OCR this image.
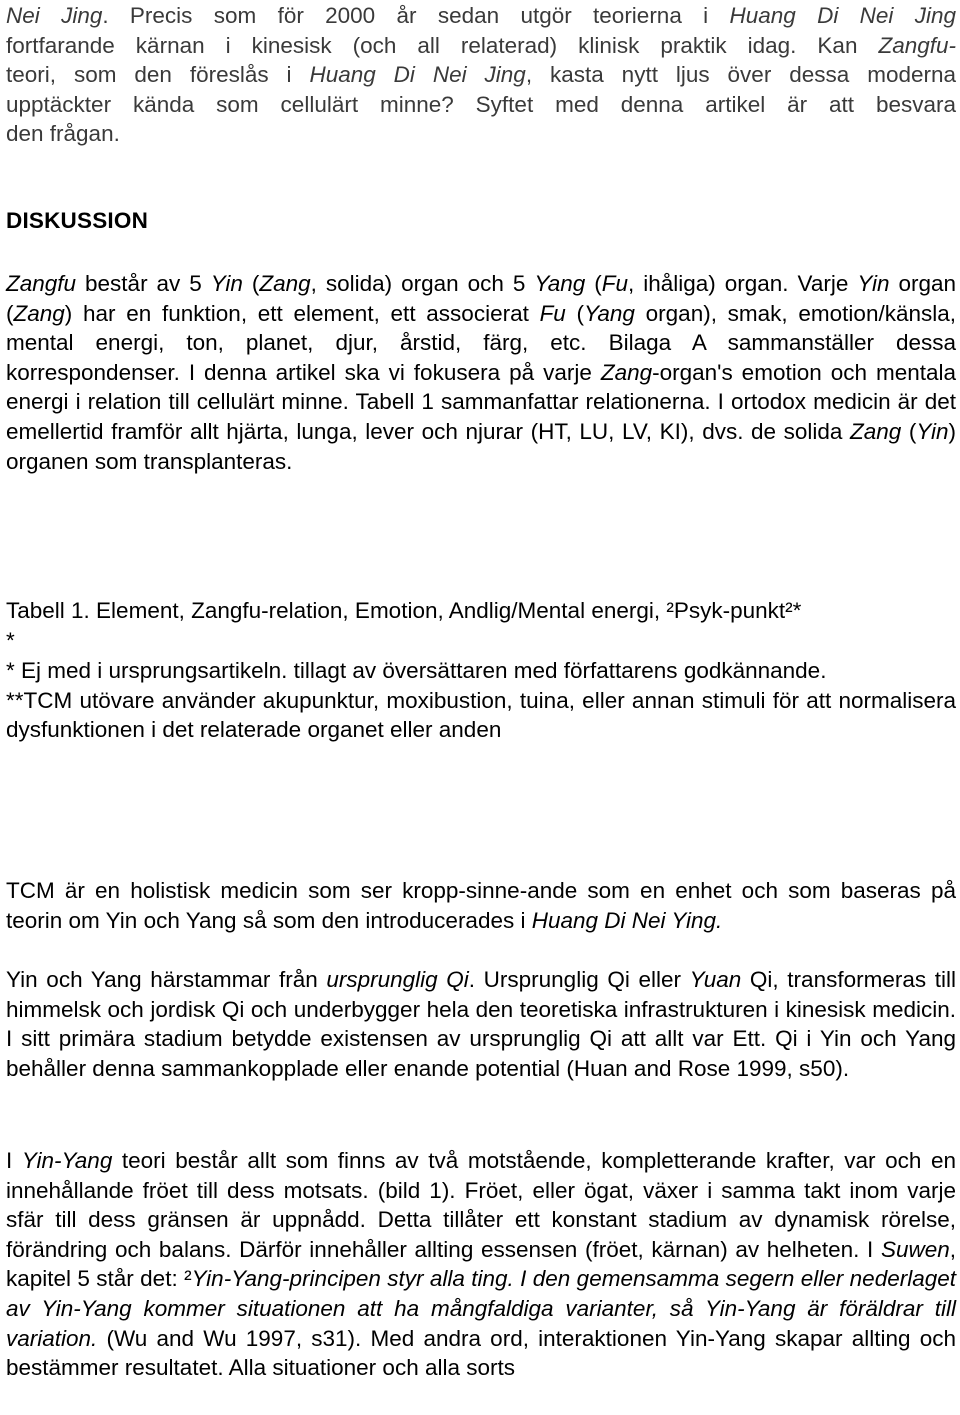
Nei Jing. Precis som för 2000 år sedan utgör teorierna i Huang Di Nei Jing
fortfarande kärnan i kinesisk (och all relaterad) klinisk praktik idag. Kan Zangfu-
teori, som den föreslås i Huang Di Nei Jing, kasta nytt ljus över dessa moderna
upptäckter kända som cellulärt minne? Syftet med denna artikel är att besvara
den frågan.
DISKUSSION
Zangfu består av 5 Yin (Zang, solida) organ och 5 Yang (Fu, ihåliga) organ. Varje Yin organ (Zang) har en funktion, ett element, ett associerat Fu (Yang organ), smak, emotion/känsla, mental energi, ton, planet, djur, årstid, färg, etc. Bilaga A sammanställer dessa korrespondenser. I denna artikel ska vi fokusera på varje Zang-organ's emotion och mentala energi i relation till cellulärt minne. Tabell 1 sammanfattar relationerna. I ortodox medicin är det emellertid framför allt hjärta, lunga, lever och njurar (HT, LU, LV, KI), dvs. de solida Zang (Yin) organen som transplanteras.
Tabell 1. Element, Zangfu-relation, Emotion, Andlig/Mental energi, ²Psyk-punkt²*
*
* Ej med i ursprungsartikeln. tillagt av översättaren med författarens godkännande.
**TCM utövare använder akupunktur, moxibustion, tuina, eller annan stimuli för att normalisera dysfunktionen i det relaterade organet eller anden
TCM är en holistisk medicin som ser kropp-sinne-ande som en enhet och som baseras på teorin om Yin och Yang så som den introducerades i Huang Di Nei Ying.
Yin och Yang härstammar från ursprunglig Qi. Ursprunglig Qi eller Yuan Qi, transformeras till himmelsk och jordisk Qi och underbygger hela den teoretiska infrastrukturen i kinesisk medicin. I sitt primära stadium betydde existensen av ursprunglig Qi att allt var Ett. Qi i Yin och Yang behåller denna sammankopplade eller enande potential (Huan and Rose 1999, s50).
I Yin-Yang teori består allt som finns av två motstående, kompletterande krafter, var och en innehållande fröet till dess motsats. (bild 1). Fröet, eller ögat, växer i samma takt inom varje sfär till dess gränsen är uppnådd. Detta tillåter ett konstant stadium av dynamisk rörelse, förändring och balans. Därför innehåller allting essensen (fröet, kärnan) av helheten. I Suwen, kapitel 5 står det: ²Yin-Yang-principen styr alla ting. I den gemensamma segern eller nederlaget av Yin-Yang kommer situationen att ha mångfaldiga varianter, så Yin-Yang är föräldrar till variation. (Wu and Wu 1997, s31). Med andra ord, interaktionen Yin-Yang skapar allting och bestämmer resultatet. Alla situationer och alla sorts
